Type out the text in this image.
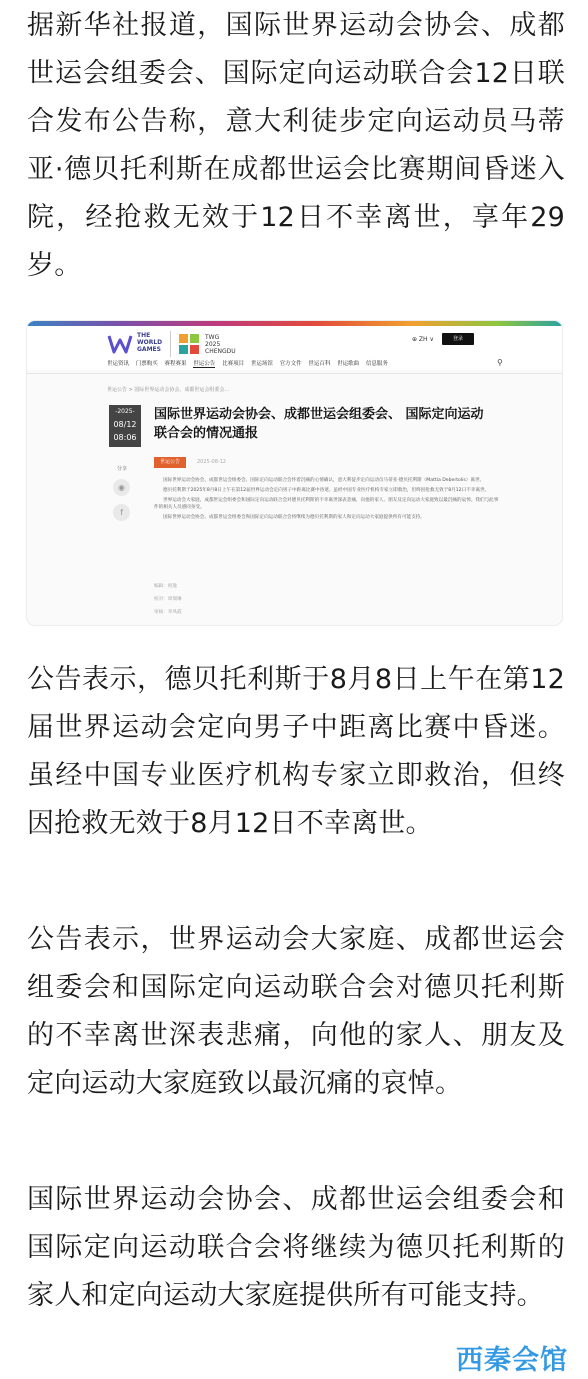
据新华社报道，国际世界运动会协会、成都世运会组委会、国际定向运动联合会12日联合发布公告称，意大利徒步定向运动员马蒂亚·德贝托利斯在成都世运会比赛期间昏迷入院，经抢救无效于12日不幸离世，享年29岁。

THE
WORLD
GAMES
TWG
2025
CHENGDU
⊕ ZH ∨	登录
世运资讯 门票购买 赛程赛果 世运公告 比赛项目 世运场馆 官方文件 世运百科 世运歌曲 信息服务	⚲
世运公告 > 国际世界运动会协会、成都世运会组委会...
-2025-
08/12
08:06
分享
◉
f
国际世界运动会协会、成都世运会组委会、 国际定向运动联合会的情况通报
世运公告	2025-08-12

国际世界运动会协会、成都世运会组委会、国际定向运动联合会怀着沉痛的心情确认，意大利徒步定向运动员马蒂亚·德贝托利斯（Mattia Debertolis）离世。

德贝托利斯于2025年8月8日上午在第12届世界运动会定向男子中距离比赛中昏迷。虽经中国专业医疗机构专家立即救治，但终因抢救无效于8月12日不幸离世。

世界运动会大家庭、成都世运会组委会和国际定向运动联合会对德贝托利斯的不幸离世深表悲痛，向他的家人、朋友及定向运动大家庭致以最沉痛的哀悼。我们与此事件的相关人员感同身受。

国际世界运动会协会、成都世运会组委会和国际定向运动联合会将继续为德贝托利斯的家人和定向运动大家庭提供所有可能支持。

编辑：祖逸
校对：周瑞琳
审核：李凤霞

公告表示，德贝托利斯于8月8日上午在第12届世界运动会定向男子中距离比赛中昏迷。虽经中国专业医疗机构专家立即救治，但终因抢救无效于8月12日不幸离世。

公告表示，世界运动会大家庭、成都世运会组委会和国际定向运动联合会对德贝托利斯的不幸离世深表悲痛，向他的家人、朋友及定向运动大家庭致以最沉痛的哀悼。

国际世界运动会协会、成都世运会组委会和国际定向运动联合会将继续为德贝托利斯的家人和定向运动大家庭提供所有可能支持。

西秦会馆
